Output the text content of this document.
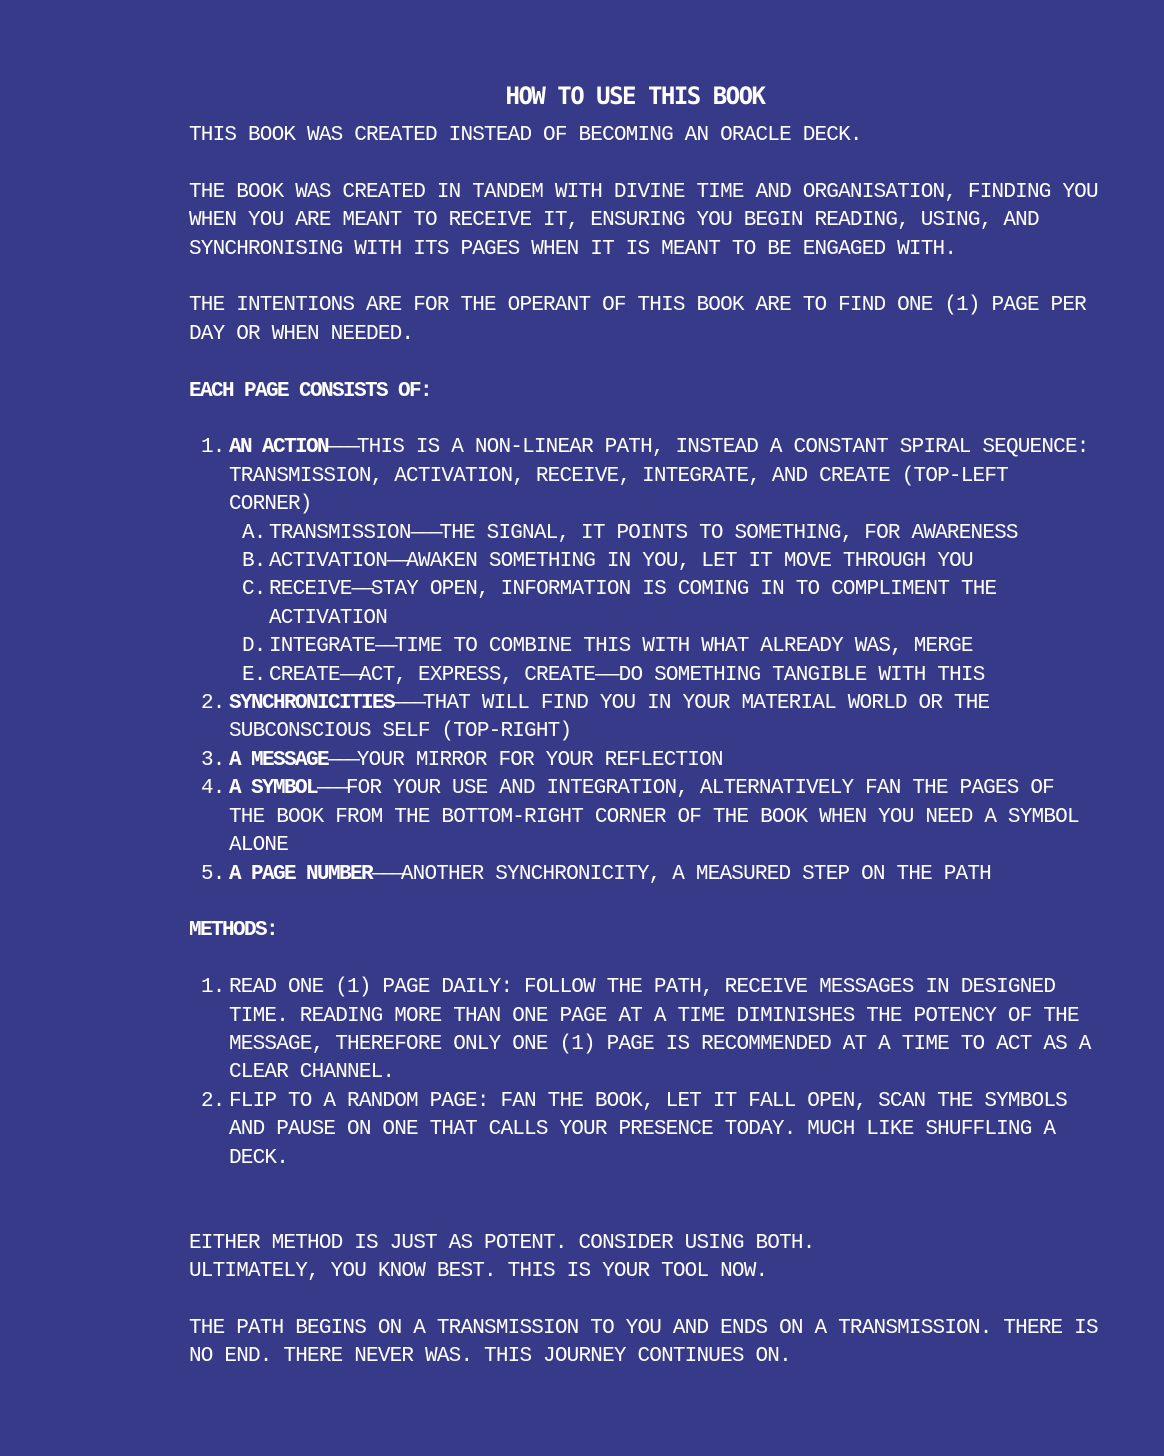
HOW TO USE THIS BOOK

THIS BOOK WAS CREATED INSTEAD OF BECOMING AN ORACLE DECK.

THE BOOK WAS CREATED IN TANDEM WITH DIVINE TIME AND ORGANISATION, FINDING YOU WHEN YOU ARE MEANT TO RECEIVE IT, ENSURING YOU BEGIN READING, USING, AND SYNCHRONISING WITH ITS PAGES WHEN IT IS MEANT TO BE ENGAGED WITH.

THE INTENTIONS ARE FOR THE OPERANT OF THIS BOOK ARE TO FIND ONE (1) PAGE PER DAY OR WHEN NEEDED.

EACH PAGE CONSISTS OF:

1. AN ACTION———THIS IS A NON-LINEAR PATH, INSTEAD A CONSTANT SPIRAL SEQUENCE: TRANSMISSION, ACTIVATION, RECEIVE, INTEGRATE, AND CREATE (TOP-LEFT CORNER)
A. TRANSMISSION———THE SIGNAL, IT POINTS TO SOMETHING, FOR AWARENESS
B. ACTIVATION——AWAKEN SOMETHING IN YOU, LET IT MOVE THROUGH YOU
C. RECEIVE——STAY OPEN, INFORMATION IS COMING IN TO COMPLIMENT THE ACTIVATION
D. INTEGRATE——TIME TO COMBINE THIS WITH WHAT ALREADY WAS, MERGE
E. CREATE——ACT, EXPRESS, CREATE——DO SOMETHING TANGIBLE WITH THIS
2. SYNCHRONICITIES———THAT WILL FIND YOU IN YOUR MATERIAL WORLD OR THE SUBCONSCIOUS SELF (TOP-RIGHT)
3. A MESSAGE———YOUR MIRROR FOR YOUR REFLECTION
4. A SYMBOL———FOR YOUR USE AND INTEGRATION, ALTERNATIVELY FAN THE PAGES OF THE BOOK FROM THE BOTTOM-RIGHT CORNER OF THE BOOK WHEN YOU NEED A SYMBOL ALONE
5. A PAGE NUMBER———ANOTHER SYNCHRONICITY, A MEASURED STEP ON THE PATH

METHODS:

1. READ ONE (1) PAGE DAILY: FOLLOW THE PATH, RECEIVE MESSAGES IN DESIGNED TIME. READING MORE THAN ONE PAGE AT A TIME DIMINISHES THE POTENCY OF THE MESSAGE, THEREFORE ONLY ONE (1) PAGE IS RECOMMENDED AT A TIME TO ACT AS A CLEAR CHANNEL.
2. FLIP TO A RANDOM PAGE: FAN THE BOOK, LET IT FALL OPEN, SCAN THE SYMBOLS AND PAUSE ON ONE THAT CALLS YOUR PRESENCE TODAY. MUCH LIKE SHUFFLING A DECK.

EITHER METHOD IS JUST AS POTENT. CONSIDER USING BOTH.

ULTIMATELY, YOU KNOW BEST. THIS IS YOUR TOOL NOW.

THE PATH BEGINS ON A TRANSMISSION TO YOU AND ENDS ON A TRANSMISSION. THERE IS NO END. THERE NEVER WAS. THIS JOURNEY CONTINUES ON.
